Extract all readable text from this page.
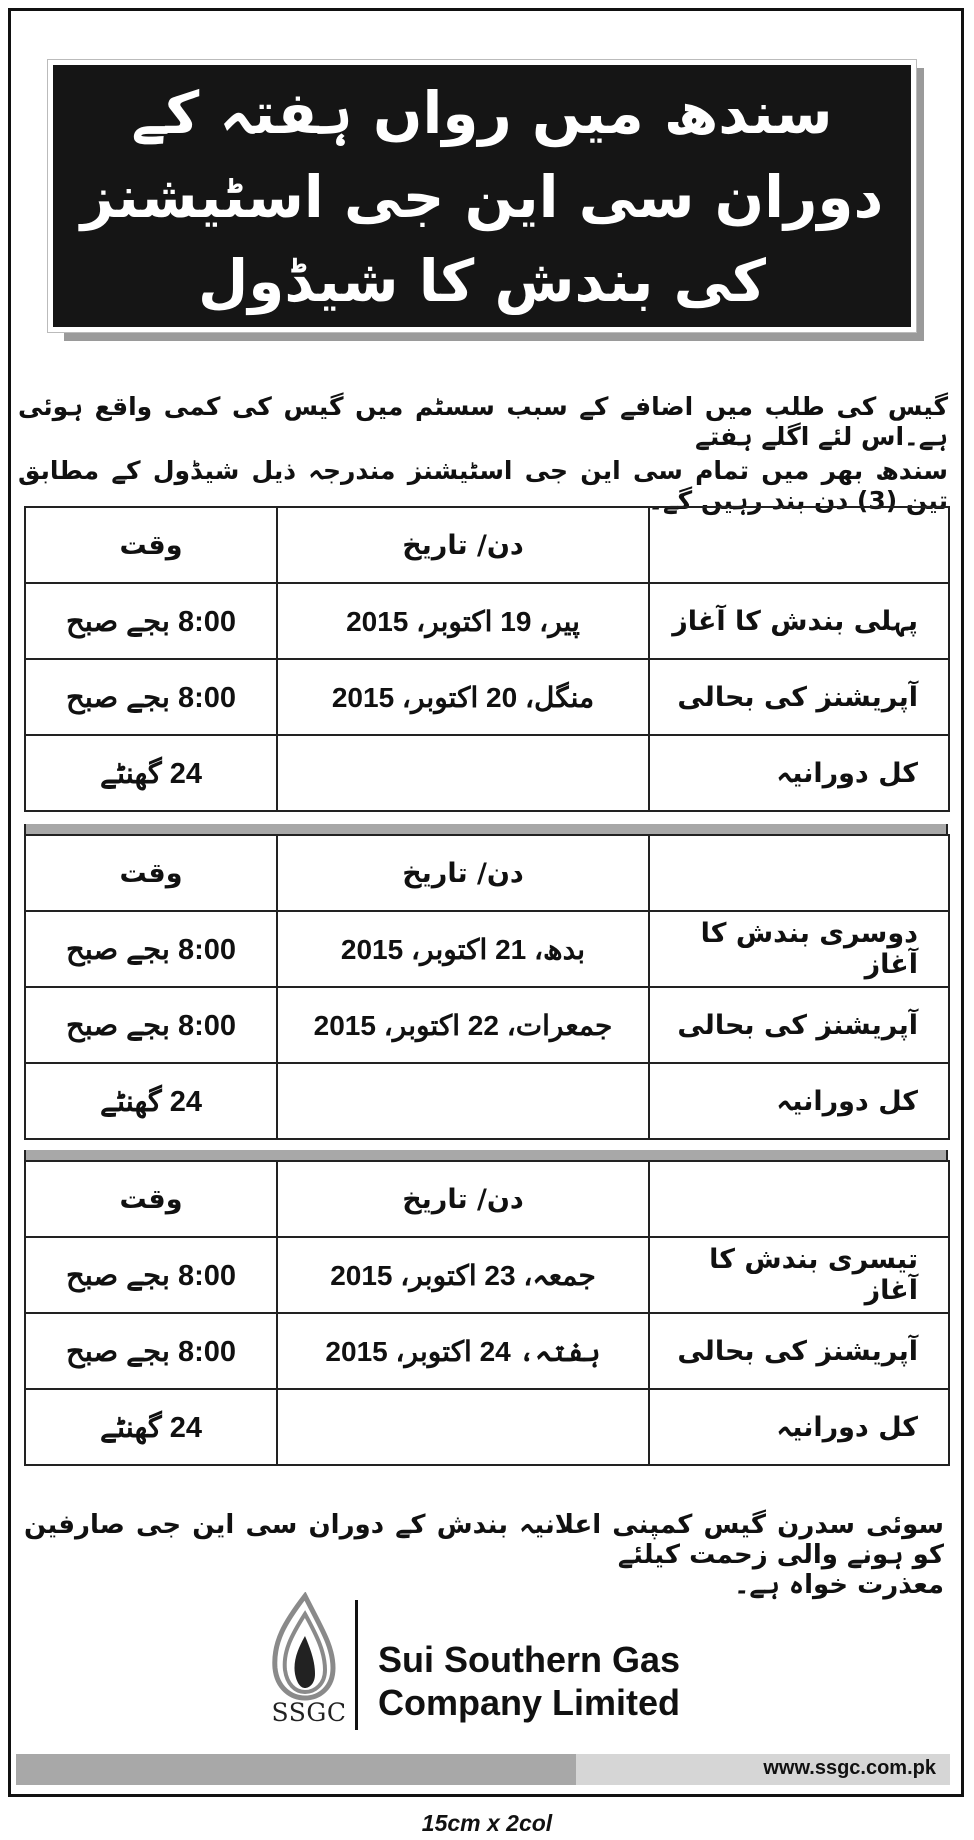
سندھ میں رواں ہفتہ کے
دوران سی این جی اسٹیشنز
کی بندش کا شیڈول
گیس کی طلب میں اضافے کے سبب سسٹم میں گیس کی کمی واقع ہوئی ہے۔اس لئے اگلے ہفتے
سندھ بھر میں تمام سی این جی اسٹیشنز مندرجہ ذیل شیڈول کے مطابق تین (3) دن بند رہیں گے۔
	دن/ تاریخ	وقت
پہلی بندش کا آغاز	پیر، 19 اکتوبر، 2015	8:00 بجے صبح
آپریشنز کی بحالی	منگل، 20 اکتوبر، 2015	8:00 بجے صبح
کل دورانیہ		24 گھنٹے
	دن/ تاریخ	وقت
دوسری بندش کا آغاز	بدھ، 21 اکتوبر، 2015	8:00 بجے صبح
آپریشنز کی بحالی	جمعرات، 22 اکتوبر، 2015	8:00 بجے صبح
کل دورانیہ		24 گھنٹے
	دن/ تاریخ	وقت
تیسری بندش کا آغاز	جمعہ، 23 اکتوبر، 2015	8:00 بجے صبح
آپریشنز کی بحالی	ہفتہ، 24 اکتوبر، 2015	8:00 بجے صبح
کل دورانیہ		24 گھنٹے
سوئی سدرن گیس کمپنی اعلانیہ بندش کے دوران سی این جی صارفین کو ہونے والی زحمت کیلئے
معذرت خواہ ہے۔
SSGC
Sui Southern Gas
Company Limited
www.ssgc.com.pk
15cm x 2col
